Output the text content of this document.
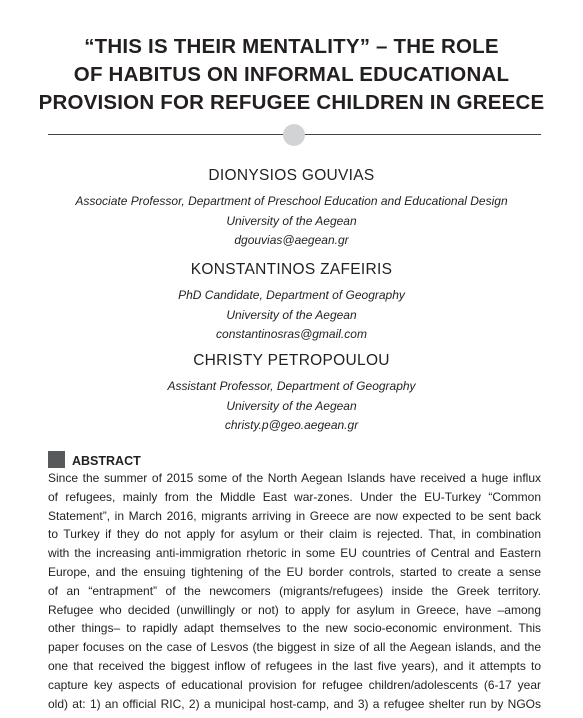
“THIS IS THEIR MENTALITY” – THE ROLE
OF HABITUS ON INFORMAL EDUCATIONAL
PROVISION FOR REFUGEE CHILDREN IN GREECE
DIONYSIOS GOUVIAS
Associate Professor, Department of Preschool Education and Educational Design
University of the Aegean
dgouvias@aegean.gr
KONSTANTINOS ZAFEIRIS
PhD Candidate, Department of Geography
University of the Aegean
constantinosras@gmail.com
CHRISTY PETROPOULOU
Assistant Professor, Department of Geography
University of the Aegean
christy.p@geo.aegean.gr
ABSTRACT
Since the summer of 2015 some of the North Aegean Islands have received a huge influx
of refugees, mainly from the Middle East war-zones. Under the EU-Turkey “Common
Statement”, in March 2016, migrants arriving in Greece are now expected to be sent back
to Turkey if they do not apply for asylum or their claim is rejected. That, in combination
with the increasing anti-immigration rhetoric in some EU countries of Central and Eastern
Europe, and the ensuing tightening of the EU border controls, started to create a sense
of an “entrapment” of the newcomers (migrants/refugees) inside the Greek territory.
Refugee who decided (unwillingly or not) to apply for asylum in Greece, have –among
other things– to rapidly adapt themselves to the new socio-economic environment. This
paper focuses on the case of Lesvos (the biggest in size of all the Aegean islands, and the
one that received the biggest inflow of refugees in the last five years), and it attempts to
capture key aspects of educational provision for refugee children/adolescents (6-17 year
old) at: 1) an official RIC, 2) a municipal host-camp, and 3) a refugee shelter run by NGOs
